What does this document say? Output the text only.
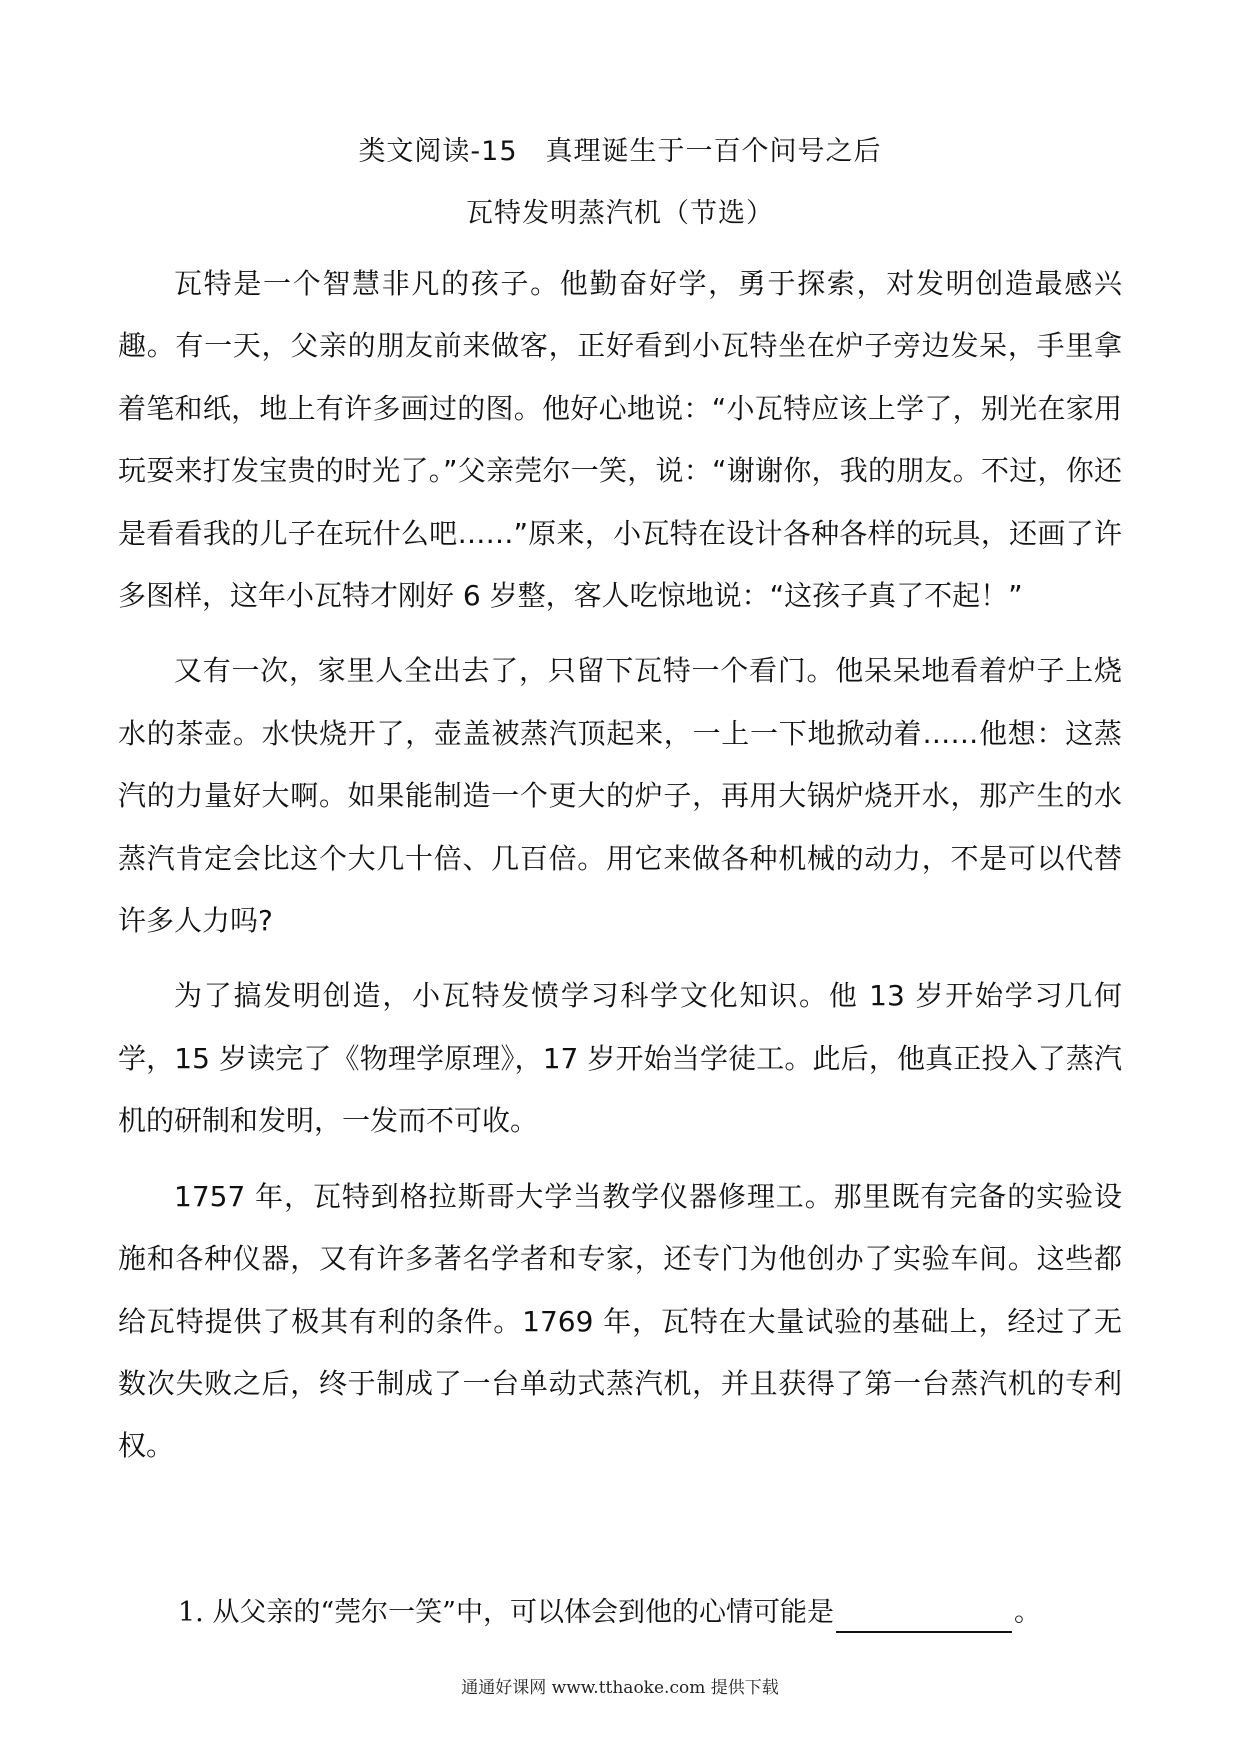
类文阅读-15　真理诞生于一百个问号之后
瓦特发明蒸汽机（节选）

瓦特是一个智慧非凡的孩子。他勤奋好学，勇于探索，对发明创造最感兴趣。有一天，父亲的朋友前来做客，正好看到小瓦特坐在炉子旁边发呆，手里拿着笔和纸，地上有许多画过的图。他好心地说：“小瓦特应该上学了，别光在家用玩耍来打发宝贵的时光了。”父亲莞尔一笑，说：“谢谢你，我的朋友。不过，你还是看看我的儿子在玩什么吧……”原来，小瓦特在设计各种各样的玩具，还画了许多图样，这年小瓦特才刚好 6 岁整，客人吃惊地说：“这孩子真了不起！”

又有一次，家里人全出去了，只留下瓦特一个看门。他呆呆地看着炉子上烧水的茶壶。水快烧开了，壶盖被蒸汽顶起来，一上一下地掀动着……他想：这蒸汽的力量好大啊。如果能制造一个更大的炉子，再用大锅炉烧开水，那产生的水蒸汽肯定会比这个大几十倍、几百倍。用它来做各种机械的动力，不是可以代替许多人力吗?

为了搞发明创造，小瓦特发愤学习科学文化知识。他 13 岁开始学习几何学，15 岁读完了《物理学原理》，17 岁开始当学徒工。此后，他真正投入了蒸汽机的研制和发明，一发而不可收。

1757 年，瓦特到格拉斯哥大学当教学仪器修理工。那里既有完备的实验设施和各种仪器，又有许多著名学者和专家，还专门为他创办了实验车间。这些都给瓦特提供了极其有利的条件。1769 年，瓦特在大量试验的基础上，经过了无数次失败之后，终于制成了一台单动式蒸汽机，并且获得了第一台蒸汽机的专利权。

1. 从父亲的“莞尔一笑”中，可以体会到他的心情可能是	。
通通好课网 www.tthaoke.com 提供下载
